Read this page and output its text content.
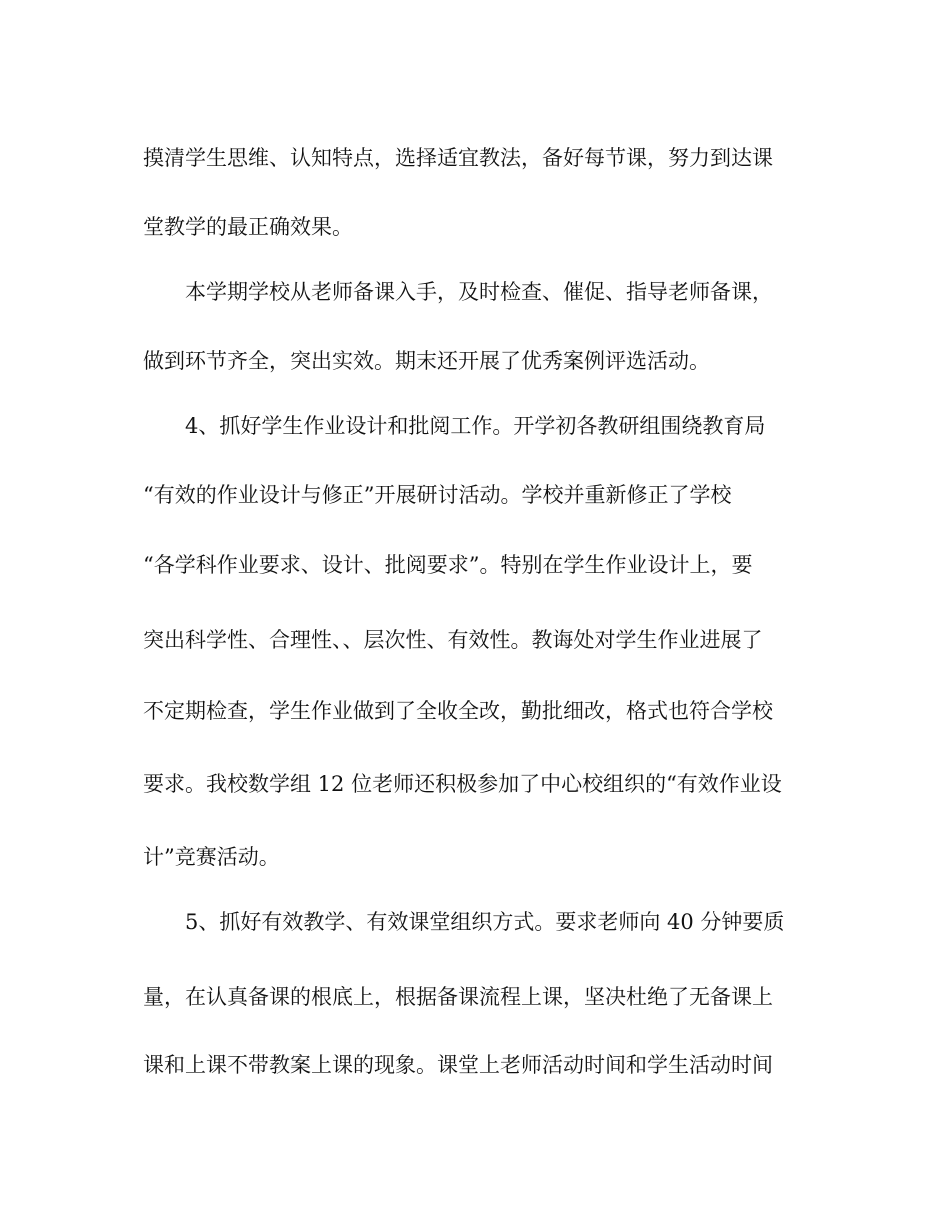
摸清学生思维、认知特点，选择适宜教法，备好每节课，努力到达课
堂教学的最正确效果。
本学期学校从老师备课入手，及时检查、催促、指导老师备课，
做到环节齐全，突出实效。期末还开展了优秀案例评选活动。
4、抓好学生作业设计和批阅工作。开学初各教研组围绕教育局
“有效的作业设计与修正”开展研讨活动。学校并重新修正了学校
“各学科作业要求、设计、批阅要求”。特别在学生作业设计上，要
突出科学性、合理性、、层次性、有效性。教诲处对学生作业进展了
不定期检查，学生作业做到了全收全改，勤批细改，格式也符合学校
要求。我校数学组 12 位老师还积极参加了中心校组织的“有效作业设
计”竞赛活动。
5、抓好有效教学、有效课堂组织方式。要求老师向 40 分钟要质
量，在认真备课的根底上，根据备课流程上课，坚决杜绝了无备课上
课和上课不带教案上课的现象。课堂上老师活动时间和学生活动时间
